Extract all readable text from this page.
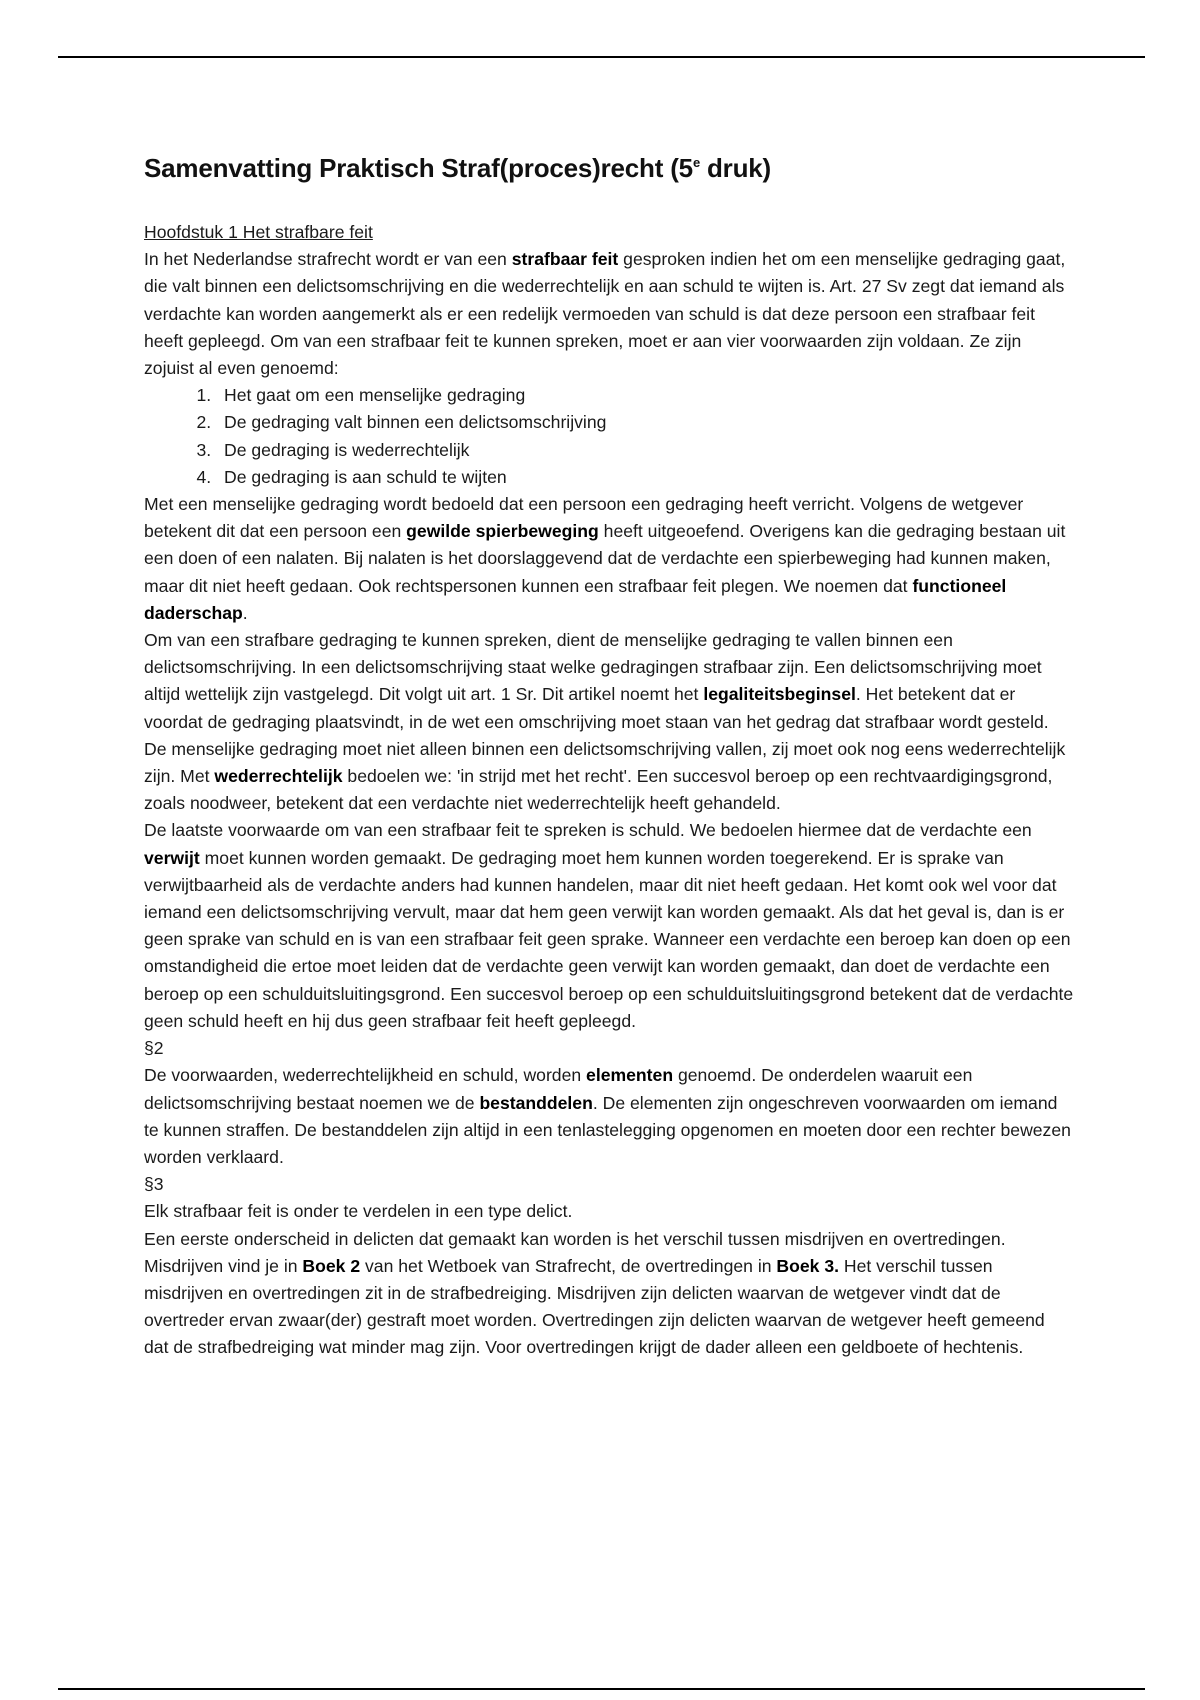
Samenvatting Praktisch Straf(proces)recht (5e druk)

Hoofdstuk 1 Het strafbare feit

In het Nederlandse strafrecht wordt er van een strafbaar feit gesproken indien het om een menselijke gedraging gaat, die valt binnen een delictsomschrijving en die wederrechtelijk en aan schuld te wijten is. Art. 27 Sv zegt dat iemand als verdachte kan worden aangemerkt als er een redelijk vermoeden van schuld is dat deze persoon een strafbaar feit heeft gepleegd. Om van een strafbaar feit te kunnen spreken, moet er aan vier voorwaarden zijn voldaan. Ze zijn zojuist al even genoemd:

1. Het gaat om een menselijke gedraging
2. De gedraging valt binnen een delictsomschrijving
3. De gedraging is wederrechtelijk
4. De gedraging is aan schuld te wijten

Met een menselijke gedraging wordt bedoeld dat een persoon een gedraging heeft verricht. Volgens de wetgever betekent dit dat een persoon een gewilde spierbeweging heeft uitgeoefend. Overigens kan die gedraging bestaan uit een doen of een nalaten. Bij nalaten is het doorslaggevend dat de verdachte een spierbeweging had kunnen maken, maar dit niet heeft gedaan. Ook rechtspersonen kunnen een strafbaar feit plegen. We noemen dat functioneel daderschap.

Om van een strafbare gedraging te kunnen spreken, dient de menselijke gedraging te vallen binnen een delictsomschrijving. In een delictsomschrijving staat welke gedragingen strafbaar zijn. Een delictsomschrijving moet altijd wettelijk zijn vastgelegd. Dit volgt uit art. 1 Sr. Dit artikel noemt het legaliteitsbeginsel. Het betekent dat er voordat de gedraging plaatsvindt, in de wet een omschrijving moet staan van het gedrag dat strafbaar wordt gesteld.

De menselijke gedraging moet niet alleen binnen een delictsomschrijving vallen, zij moet ook nog eens wederrechtelijk zijn. Met wederrechtelijk bedoelen we: 'in strijd met het recht'. Een succesvol beroep op een rechtvaardigingsgrond, zoals noodweer, betekent dat een verdachte niet wederrechtelijk heeft gehandeld.

De laatste voorwaarde om van een strafbaar feit te spreken is schuld. We bedoelen hiermee dat de verdachte een verwijt moet kunnen worden gemaakt. De gedraging moet hem kunnen worden toegerekend. Er is sprake van verwijtbaarheid als de verdachte anders had kunnen handelen, maar dit niet heeft gedaan. Het komt ook wel voor dat iemand een delictsomschrijving vervult, maar dat hem geen verwijt kan worden gemaakt. Als dat het geval is, dan is er geen sprake van schuld en is van een strafbaar feit geen sprake. Wanneer een verdachte een beroep kan doen op een omstandigheid die ertoe moet leiden dat de verdachte geen verwijt kan worden gemaakt, dan doet de verdachte een beroep op een schulduitsluitingsgrond. Een succesvol beroep op een schulduitsluitingsgrond betekent dat de verdachte geen schuld heeft en hij dus geen strafbaar feit heeft gepleegd.

§2

De voorwaarden, wederrechtelijkheid en schuld, worden elementen genoemd. De onderdelen waaruit een delictsomschrijving bestaat noemen we de bestanddelen. De elementen zijn ongeschreven voorwaarden om iemand te kunnen straffen. De bestanddelen zijn altijd in een tenlastelegging opgenomen en moeten door een rechter bewezen worden verklaard.

§3

Elk strafbaar feit is onder te verdelen in een type delict.

Een eerste onderscheid in delicten dat gemaakt kan worden is het verschil tussen misdrijven en overtredingen. Misdrijven vind je in Boek 2 van het Wetboek van Strafrecht, de overtredingen in Boek 3. Het verschil tussen misdrijven en overtredingen zit in de strafbedreiging. Misdrijven zijn delicten waarvan de wetgever vindt dat de overtreder ervan zwaar(der) gestraft moet worden. Overtredingen zijn delicten waarvan de wetgever heeft gemeend dat de strafbedreiging wat minder mag zijn. Voor overtredingen krijgt de dader alleen een geldboete of hechtenis.
